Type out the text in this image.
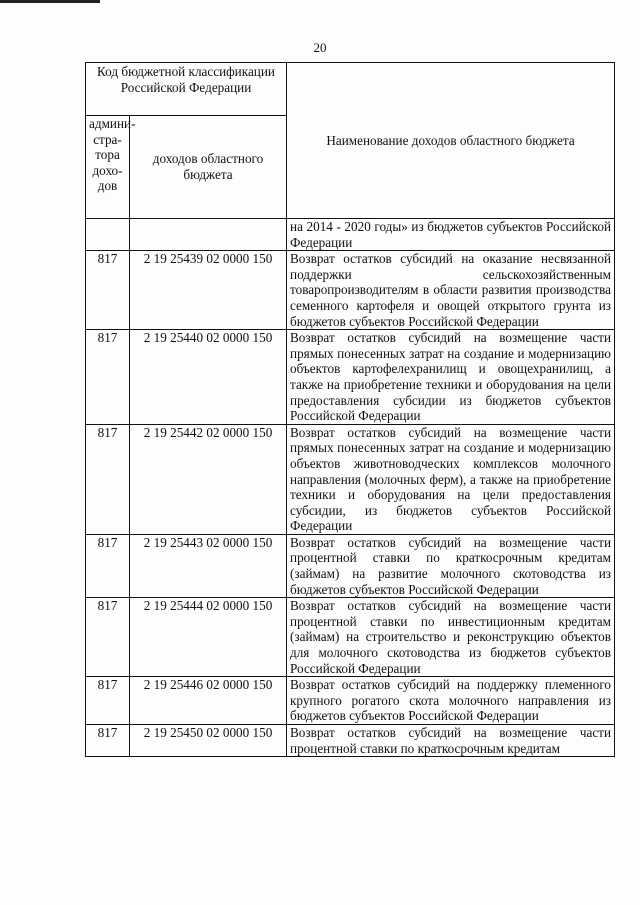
20
Код бюджетной классификации Российской Федерации		Наименование доходов областного бюджета
админи-стра-тора дохо-дов	доходов областного бюджета	
		на 2014 - 2020 годы» из бюджетов субъектов Российской Федерации
817	2 19 25439 02 0000 150	Возврат остатков субсидий на оказание несвязанной поддержки сельскохозяйственным товаропроизводителям в области развития производства семенного картофеля и овощей открытого грунта из бюджетов субъектов Российской Федерации
817	2 19 25440 02 0000 150	Возврат остатков субсидий на возмещение части прямых понесенных затрат на создание и модернизацию объектов картофелехранилищ и овощехранилищ, а также на приобретение техники и оборудования на цели предоставления субсидии из бюджетов субъектов Российской Федерации
817	2 19 25442 02 0000 150	Возврат остатков субсидий на возмещение части прямых понесенных затрат на создание и модернизацию объектов животноводческих комплексов молочного направления (молочных ферм), а также на приобретение техники и оборудования на цели предоставления субсидии, из бюджетов субъектов Российской Федерации
817	2 19 25443 02 0000 150	Возврат остатков субсидий на возмещение части процентной ставки по краткосрочным кредитам (займам) на развитие молочного скотоводства из бюджетов субъектов Российской Федерации
817	2 19 25444 02 0000 150	Возврат остатков субсидий на возмещение части процентной ставки по инвестиционным кредитам (займам) на строительство и реконструкцию объектов для молочного скотоводства из бюджетов субъектов Российской Федерации
817	2 19 25446 02 0000 150	Возврат остатков субсидий на поддержку племенного крупного рогатого скота молочного направления из бюджетов субъектов Российской Федерации
817	2 19 25450 02 0000 150	Возврат остатков субсидий на возмещение части процентной ставки по краткосрочным кредитам
